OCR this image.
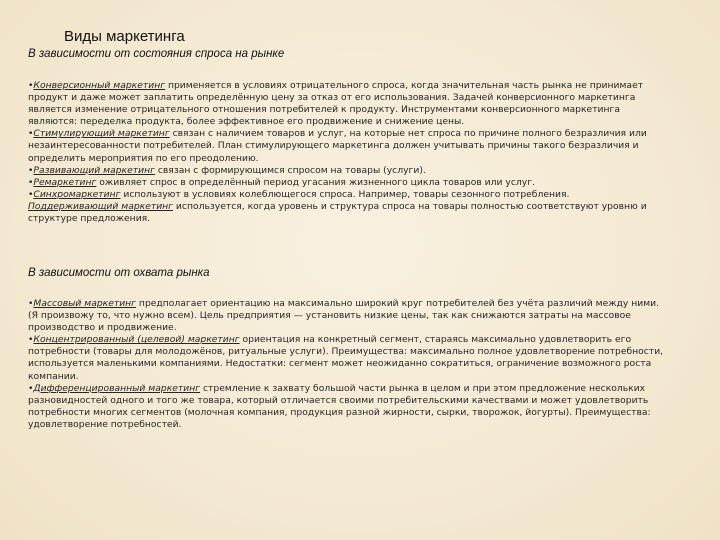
Виды маркетинга
В зависимости от состояния спроса на рынке

•Конверсионный маркетинг применяется в условиях отрицательного спроса, когда значительная часть рынка не принимает продукт и даже может заплатить определённую цену за отказ от его использования. Задачей конверсионного маркетинга является изменение отрицательного отношения потребителей к продукту. Инструментами конверсионного маркетинга являются: переделка продукта, более эффективное его продвижение и снижение цены.

•Стимулирующий маркетинг связан с наличием товаров и услуг, на которые нет спроса по причине полного безразличия или незаинтересованности потребителей. План стимулирующего маркетинга должен учитывать причины такого безразличия и определить мероприятия по его преодолению.

•Развивающий маркетинг связан с формирующимся спросом на товары (услуги).

•Ремаркетинг оживляет спрос в определённый период угасания жизненного цикла товаров или услуг.

•Синхромаркетинг используют в условиях колеблющегося спроса. Например, товары сезонного потребления.

Поддерживающий маркетинг используется, когда уровень и структура спроса на товары полностью соответствуют уровню и структуре предложения.

В зависимости от охвата рынка

•Массовый маркетинг предполагает ориентацию на максимально широкий круг потребителей без учёта различий между ними. (Я произвожу то, что нужно всем). Цель предприятия — установить низкие цены, так как снижаются затраты на массовое производство и продвижение.

•Концентрированный (целевой) маркетинг ориентация на конкретный сегмент, стараясь максимально удовлетворить его потребности (товары для молодожёнов, ритуальные услуги). Преимущества: максимально полное удовлетворение потребности, используется маленькими компаниями. Недостатки: сегмент может неожиданно сократиться, ограничение возможного роста компании.

•Дифференцированный маркетинг стремление к захвату большой части рынка в целом и при этом предложение нескольких разновидностей одного и того же товара, который отличается своими потребительскими качествами и может удовлетворить потребности многих сегментов (молочная компания, продукция разной жирности, сырки, творожок, йогурты). Преимущества: удовлетворение потребностей.
